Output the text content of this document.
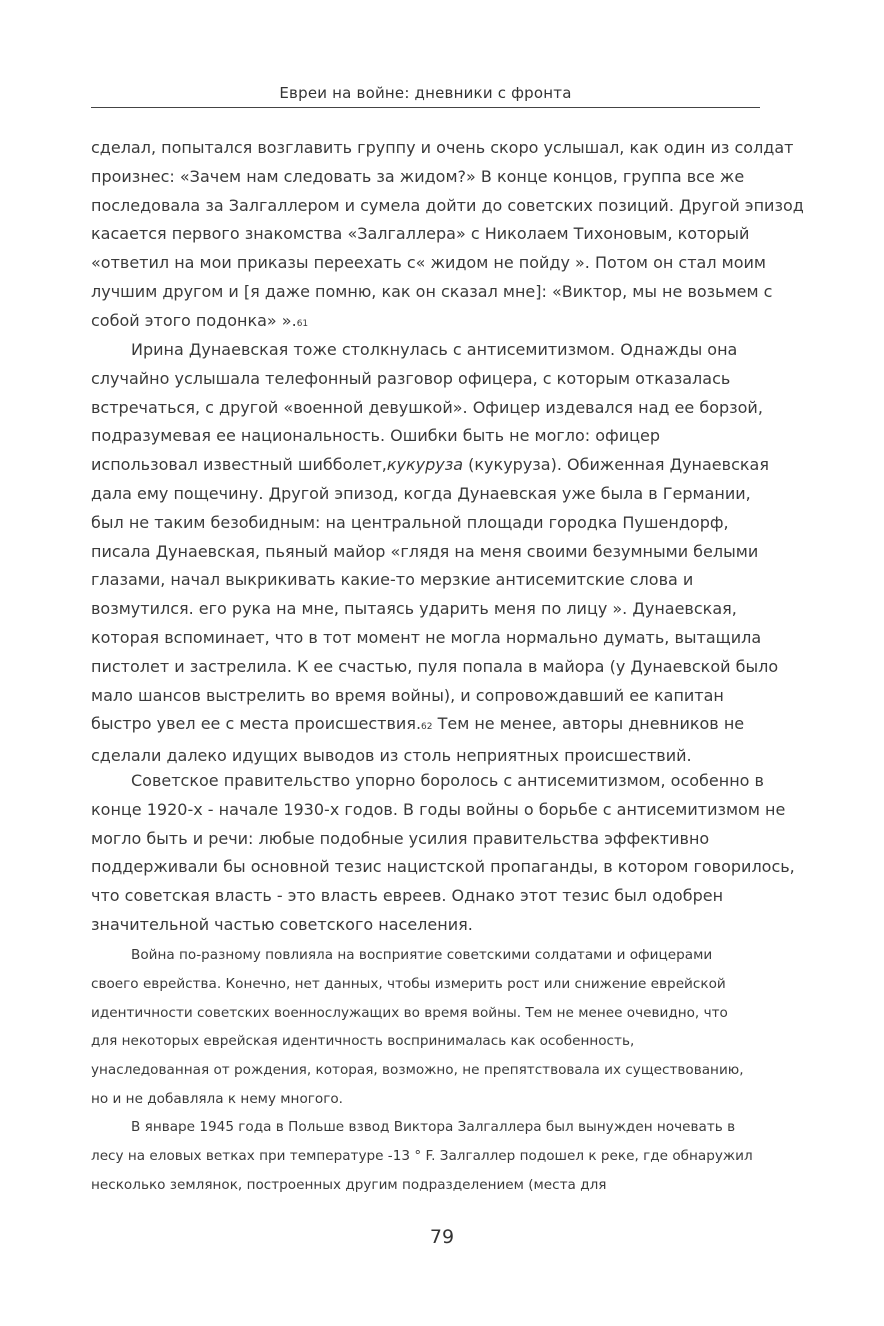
Евреи на войне: дневники с фронта
сделал, попытался возглавить группу и очень скоро услышал, как один из солдат
произнес: «Зачем нам следовать за жидом?» В конце концов, группа все же
последовала за Залгаллером и сумела дойти до советских позиций. Другой эпизод
касается первого знакомства «Залгаллера» с Николаем Тихоновым, который
«ответил на мои приказы переехать с« жидом не пойду ». Потом он стал моим
лучшим другом и [я даже помню, как он сказал мне]: «Виктор, мы не возьмем с
собой этого подонка» ».61
Ирина Дунаевская тоже столкнулась с антисемитизмом. Однажды она
случайно услышала телефонный разговор офицера, с которым отказалась
встречаться, с другой «военной девушкой». Офицер издевался над ее борзой,
подразумевая ее национальность. Ошибки быть не могло: офицер
использовал известный шибболет,кукуруза (кукуруза). Обиженная Дунаевская
дала ему пощечину. Другой эпизод, когда Дунаевская уже была в Германии,
был не таким безобидным: на центральной площади городка Пушендорф,
писала Дунаевская, пьяный майор «глядя на меня своими безумными белыми
глазами, начал выкрикивать какие-то мерзкие антисемитские слова и
возмутился. его рука на мне, пытаясь ударить меня по лицу ». Дунаевская,
которая вспоминает, что в тот момент не могла нормально думать, вытащила
пистолет и застрелила. К ее счастью, пуля попала в майора (у Дунаевской было
мало шансов выстрелить во время войны), и сопровождавший ее капитан
быстро увел ее с места происшествия.62 Тем не менее, авторы дневников не
сделали далеко идущих выводов из столь неприятных происшествий.
Советское правительство упорно боролось с антисемитизмом, особенно в
конце 1920-х - начале 1930-х годов. В годы войны о борьбе с антисемитизмом не
могло быть и речи: любые подобные усилия правительства эффективно
поддерживали бы основной тезис нацистской пропаганды, в котором говорилось,
что советская власть - это власть евреев. Однако этот тезис был одобрен
значительной частью советского населения.
Война по-разному повлияла на восприятие советскими солдатами и офицерами
своего еврейства. Конечно, нет данных, чтобы измерить рост или снижение еврейской
идентичности советских военнослужащих во время войны. Тем не менее очевидно, что
для некоторых еврейская идентичность воспринималась как особенность,
унаследованная от рождения, которая, возможно, не препятствовала их существованию,
но и не добавляла к нему многого.
В январе 1945 года в Польше взвод Виктора Залгаллера был вынужден ночевать в
лесу на еловых ветках при температуре -13 ° F. Залгаллер подошел к реке, где обнаружил
несколько землянок, построенных другим подразделением (места для
79
